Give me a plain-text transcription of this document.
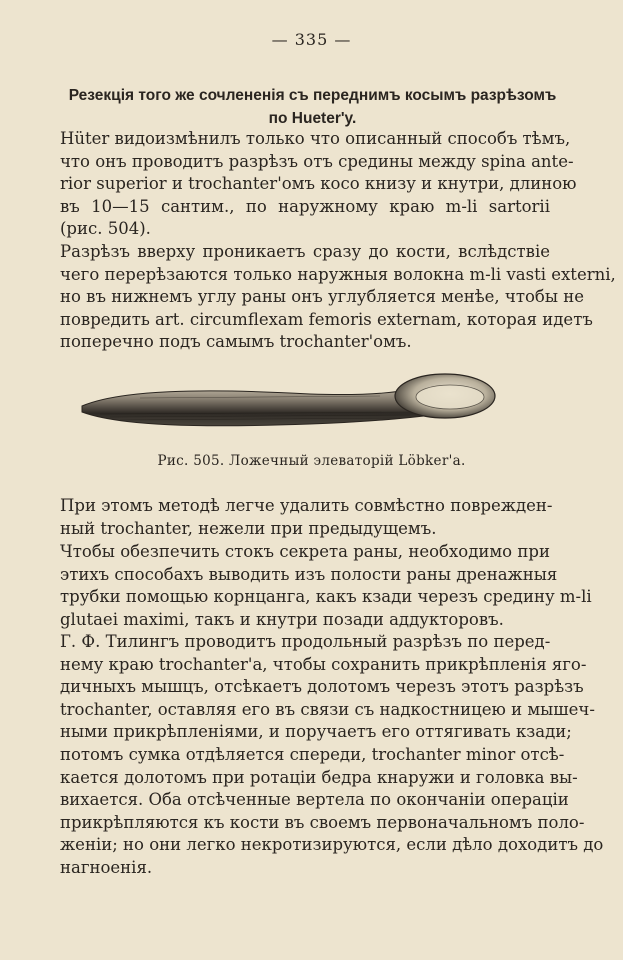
— 335 —
Резекція того же сочлененія съ переднимъ косымъ разрѣзомъ
по Hueter'y.
Hüter видоизмѣнилъ только что описанный способъ тѣмъ,
что онъ проводитъ разрѣзъ отъ средины между spina ante-
rior superior и trochanter'омъ косо книзу и кнутри, длиною
въ 10—15 сантим., по наружному краю m-li sartorii
(рис. 504).
Разрѣзъ вверху проникаетъ сразу до кости, вслѣдствіе
чего перерѣзаются только наружныя волокна m-li vasti externi,
но въ нижнемъ углу раны онъ углубляется менѣе, чтобы не
повредить art. circumflexam femoris externam, которая идетъ
поперечно подъ самымъ trochanter'омъ.
Рис. 505. Ложечный элеваторій Löbker'a.
При этомъ методѣ легче удалить совмѣстно поврежден-
ный trochanter, нежели при предыдущемъ.
Чтобы обезпечить стокъ секрета раны, необходимо при
этихъ способахъ выводить изъ полости раны дренажныя
трубки помощью корнцанга, какъ кзади черезъ средину m-li
glutaei maximi, такъ и кнутри позади аддукторовъ.
Г. Ф. Тилингъ проводитъ продольный разрѣзъ по перед-
нему краю trochanter'а, чтобы сохранить прикрѣпленія яго-
дичныхъ мышцъ, отсѣкаетъ долотомъ черезъ этотъ разрѣзъ
trochanter, оставляя его въ связи съ надкостницею и мышеч-
ными прикрѣпленіями, и поручаетъ его оттягивать кзади;
потомъ сумка отдѣляется спереди, trochanter minor отсѣ-
кается долотомъ при ротаціи бедра кнаружи и головка вы-
вихается. Оба отсѣченные вертела по окончаніи операціи
прикрѣпляются къ кости въ своемъ первоначальномъ поло-
женіи; но они легко некротизируются, если дѣло доходитъ до
нагноенія.
